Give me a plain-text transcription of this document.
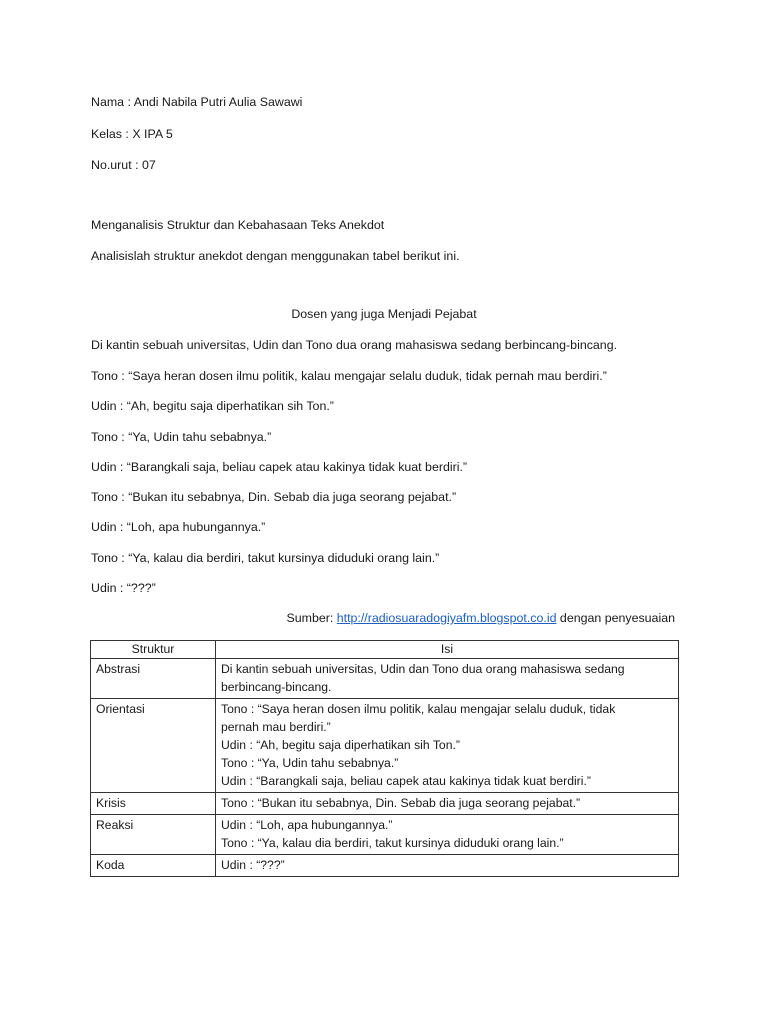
Nama : Andi Nabila Putri Aulia Sawawi
Kelas : X IPA 5
No.urut : 07
Menganalisis Struktur dan Kebahasaan Teks Anekdot
Analisislah struktur anekdot dengan menggunakan tabel berikut ini.
Dosen yang juga Menjadi Pejabat
Di kantin sebuah universitas, Udin dan Tono dua orang mahasiswa sedang berbincang-bincang.
Tono : “Saya heran dosen ilmu politik, kalau mengajar selalu duduk, tidak pernah mau berdiri.”
Udin : “Ah, begitu saja diperhatikan sih Ton.”
Tono : “Ya, Udin tahu sebabnya.”
Udin : “Barangkali saja, beliau capek atau kakinya tidak kuat berdiri.”
Tono : “Bukan itu sebabnya, Din. Sebab dia juga seorang pejabat.”
Udin : “Loh, apa hubungannya.”
Tono : “Ya, kalau dia berdiri, takut kursinya diduduki orang lain.”
Udin : “???”
Sumber: http://radiosuaradogiyafm.blogspot.co.id dengan penyesuaian
Struktur	Isi
Abstrasi	Di kantin sebuah universitas, Udin dan Tono dua orang mahasiswa sedang
berbincang-bincang.

Orientasi	Tono : “Saya heran dosen ilmu politik, kalau mengajar selalu duduk, tidak
pernah mau berdiri.”
Udin : “Ah, begitu saja diperhatikan sih Ton.”
Tono : “Ya, Udin tahu sebabnya.”
Udin : “Barangkali saja, beliau capek atau kakinya tidak kuat berdiri.”

Krisis	Tono : “Bukan itu sebabnya, Din. Sebab dia juga seorang pejabat.”

Reaksi	Udin : “Loh, apa hubungannya.”
Tono : “Ya, kalau dia berdiri, takut kursinya diduduki orang lain.”

Koda	Udin : “???”
